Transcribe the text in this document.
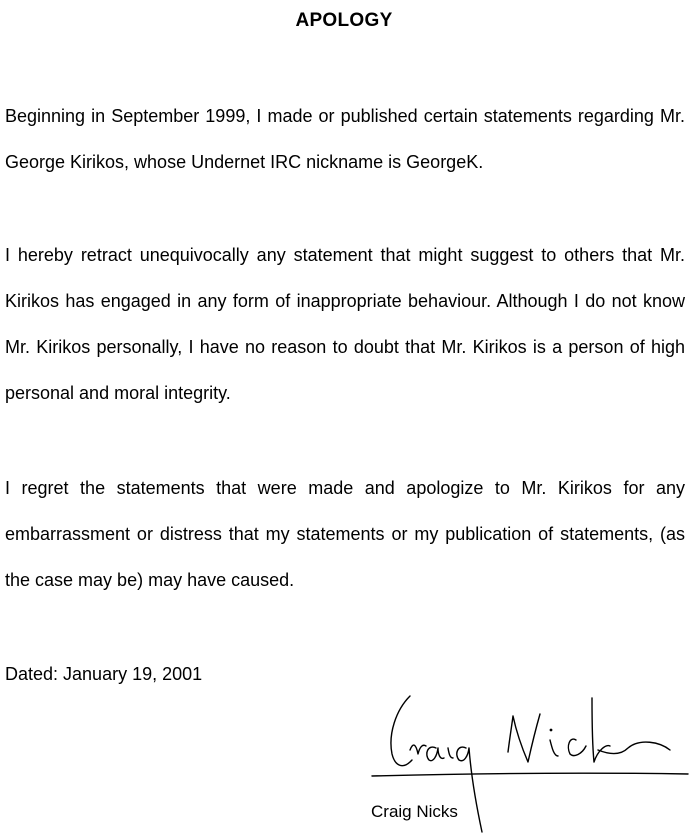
APOLOGY

Beginning in September 1999, I made or published certain statements regarding Mr. George Kirikos, whose Undernet IRC nickname is GeorgeK.

I hereby retract unequivocally any statement that might suggest to others that Mr. Kirikos has engaged in any form of inappropriate behaviour. Although I do not know Mr. Kirikos personally, I have no reason to doubt that Mr. Kirikos is a person of high personal and moral integrity.

I regret the statements that were made and apologize to Mr. Kirikos for any embarrassment or distress that my statements or my publication of statements, (as the case may be) may have caused.

Dated: January 19, 2001
Craig Nicks
